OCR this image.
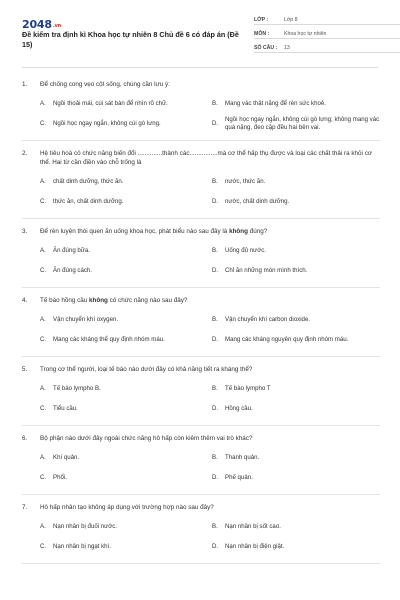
2048.vn
Đề kiểm tra định kì Khoa học tự nhiên 8 Chủ đề 6 có đáp án (Đề 15)
LỚP :	Lớp 8
MÔN :	Khoa học tự nhiên
SỐ CÂU :	13
1.	Để chống cong vẹo cột sống, chúng cần lưu ý:
A.	Ngồi thoải mái, cúi sát bàn để nhìn rõ chữ.	B.	Mang vác thật nặng để rèn sức khoẻ.
C.	Ngồi học ngay ngắn, không cúi gò lưng.	D.
Ngồi học ngay ngắn, không cúi gò lưng; không mang vác quá nặng, đeo cặp đều hai bên vai.
2.	Hệ tiêu hoá có chức năng biến đổi ..............thành các................mà cơ thể hấp thụ được và loại các chất thải ra khỏi cơ thể. Hai từ cần điền vào chỗ trống là
A.	chất dinh dưỡng, thức ăn.	B.	nước, thức ăn.
C.	thức ăn, chất dinh dưỡng.	D.	nước, chất dinh dưỡng.
3.	Để rèn luyện thói quen ăn uống khoa học, phát biểu nào sau đây là không đúng?
A.	Ăn đúng bữa.	B.	Uống đủ nước.
C.	Ăn đúng cách.	D.	Chỉ ăn những món mình thích.
4.	Tế bào hồng cầu không có chức năng nào sau đây?
A.	Vận chuyển khí oxygen.	B.	Vận chuyển khí carbon dioxide.
C.	Mang các kháng thể quy định nhóm máu.	D.	Mang các kháng nguyên quy định nhóm máu.
5.	Trong cơ thể người, loại tế bào nào dưới đây có khả năng tiết ra kháng thể?
A.	Tế bào lympho B.	B.	Tế bào lympho T
C.	Tiểu cầu.	D.	Hồng cầu.
6.	Bộ phận nào dưới đây ngoài chức năng hô hấp còn kiêm thêm vai trò khác?
A.	Khí quản.	B.	Thanh quản.
C.	Phổi.	D.	Phế quản.
7.	Hô hấp nhân tạo không áp dụng với trường hợp nào sau đây?
A.	Nạn nhân bị đuối nước.	B.	Nạn nhân bị sốt cao.
C.	Nạn nhân bị ngạt khí.	D.	Nạn nhân bị điện giật.
